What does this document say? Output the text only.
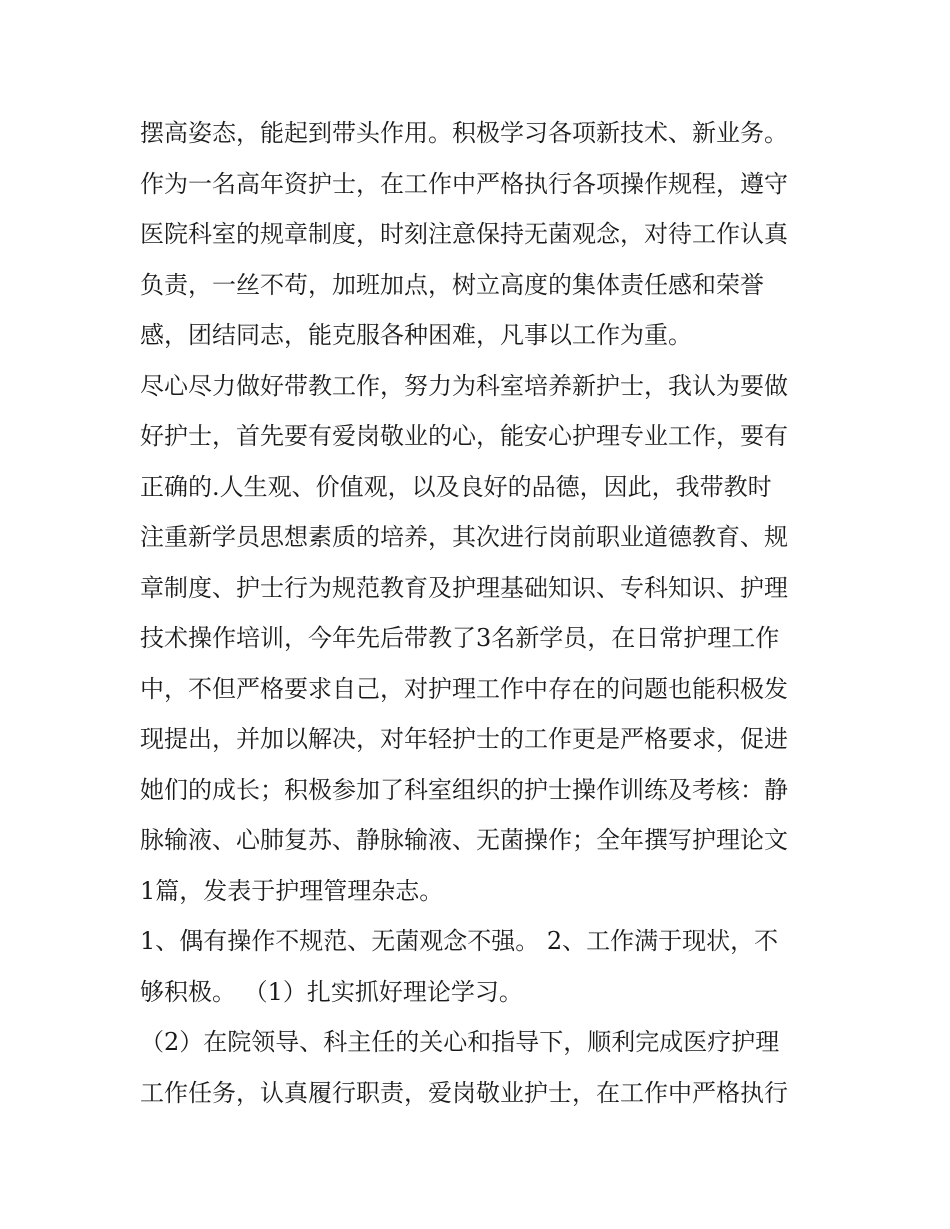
摆高姿态，能起到带头作用。积极学习各项新技术、新业务。
作为一名高年资护士，在工作中严格执行各项操作规程，遵守
医院科室的规章制度，时刻注意保持无菌观念，对待工作认真
负责，一丝不苟，加班加点，树立高度的集体责任感和荣誉
感，团结同志，能克服各种困难，凡事以工作为重。
尽心尽力做好带教工作，努力为科室培养新护士，我认为要做
好护士，首先要有爱岗敬业的心，能安心护理专业工作，要有
正确的.人生观、价值观，以及良好的品德，因此，我带教时
注重新学员思想素质的培养，其次进行岗前职业道德教育、规
章制度、护士行为规范教育及护理基础知识、专科知识、护理
技术操作培训，今年先后带教了3名新学员，在日常护理工作
中，不但严格要求自己，对护理工作中存在的问题也能积极发
现提出，并加以解决，对年轻护士的工作更是严格要求，促进
她们的成长；积极参加了科室组织的护士操作训练及考核：静
脉输液、心肺复苏、静脉输液、无菌操作；全年撰写护理论文
1篇，发表于护理管理杂志。
1、偶有操作不规范、无菌观念不强。 2、工作满于现状，不
够积极。 （1）扎实抓好理论学习。
（2）在院领导、科主任的关心和指导下，顺利完成医疗护理
工作任务，认真履行职责，爱岗敬业护士，在工作中严格执行
